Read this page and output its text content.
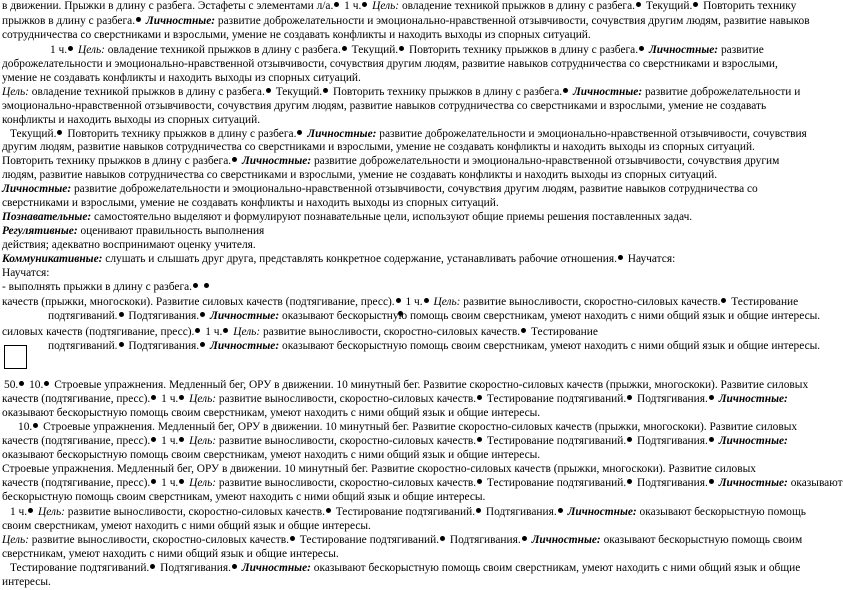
в движении. Прыжки в длину с разбега. Эстафеты с элементами л/а. 1 ч. Цель: овладение техникой прыжков в длину с разбега. Текущий. Повторить технику
прыжков в длину с разбега. Личностные: развитие доброжелательности и эмоционально-нравственной отзывчивости, сочувствия другим людям, развитие навыков
сотрудничества со сверстниками и взрослыми, умение не создавать конфликты и находить выходы из спорных ситуаций.
1 ч. Цель: овладение техникой прыжков в длину с разбега. Текущий. Повторить технику прыжков в длину с разбега. Личностные: развитие
доброжелательности и эмоционально-нравственной отзывчивости, сочувствия другим людям, развитие навыков сотрудничества со сверстниками и взрослыми,
умение не создавать конфликты и находить выходы из спорных ситуаций.
Цель: овладение техникой прыжков в длину с разбега. Текущий. Повторить технику прыжков в длину с разбега. Личностные: развитие доброжелательности и
эмоционально-нравственной отзывчивости, сочувствия другим людям, развитие навыков сотрудничества со сверстниками и взрослыми, умение не создавать
конфликты и находить выходы из спорных ситуаций.
Текущий. Повторить технику прыжков в длину с разбега. Личностные: развитие доброжелательности и эмоционально-нравственной отзывчивости, сочувствия
другим людям, развитие навыков сотрудничества со сверстниками и взрослыми, умение не создавать конфликты и находить выходы из спорных ситуаций.
Повторить технику прыжков в длину с разбега. Личностные: развитие доброжелательности и эмоционально-нравственной отзывчивости, сочувствия другим
людям, развитие навыков сотрудничества со сверстниками и взрослыми, умение не создавать конфликты и находить выходы из спорных ситуаций.
Личностные: развитие доброжелательности и эмоционально-нравственной отзывчивости, сочувствия другим людям, развитие навыков сотрудничества со
сверстниками и взрослыми, умение не создавать конфликты и находить выходы из спорных ситуаций.
Познавательные: самостоятельно выделяют и формулируют познавательные цели, используют общие приемы решения поставленных задач.
Регулятивные: оценивают правильность выполнения
действия; адекватно воспринимают оценку учителя.
Коммуникативные: слушать и слышать друг друга, представлять конкретное содержание, устанавливать рабочие отношения. Научатся:
Научатся:
- выполнять прыжки в длину с разбега.
качеств (прыжки, многоскоки). Развитие силовых качеств (подтягивание, пресс). 1 ч. Цель: развитие выносливости, скоростно-силовых качеств. Тестирование
подтягиваний. Подтягивания. Личностные: оказывают бескорыстную помощь своим сверстникам, умеют находить с ними общий язык и общие интересы.
силовых качеств (подтягивание, пресс). 1 ч. Цель: развитие выносливости, скоростно-силовых качеств. Тестирование
подтягиваний. Подтягивания. Личностные: оказывают бескорыстную помощь своим сверстникам, умеют находить с ними общий язык и общие интересы.
50. 10. Строевые упражнения. Медленный бег, ОРУ в движении. 10 минутный бег. Развитие скоростно-силовых качеств (прыжки, многоскоки). Развитие силовых
качеств (подтягивание, пресс). 1 ч. Цель: развитие выносливости, скоростно-силовых качеств. Тестирование подтягиваний. Подтягивания. Личностные:
оказывают бескорыстную помощь своим сверстникам, умеют находить с ними общий язык и общие интересы.
10. Строевые упражнения. Медленный бег, ОРУ в движении. 10 минутный бег. Развитие скоростно-силовых качеств (прыжки, многоскоки). Развитие силовых
качеств (подтягивание, пресс). 1 ч. Цель: развитие выносливости, скоростно-силовых качеств. Тестирование подтягиваний. Подтягивания. Личностные:
оказывают бескорыстную помощь своим сверстникам, умеют находить с ними общий язык и общие интересы.
Строевые упражнения. Медленный бег, ОРУ в движении. 10 минутный бег. Развитие скоростно-силовых качеств (прыжки, многоскоки). Развитие силовых
качеств (подтягивание, пресс). 1 ч. Цель: развитие выносливости, скоростно-силовых качеств. Тестирование подтягиваний. Подтягивания. Личностные: оказывают
бескорыстную помощь своим сверстникам, умеют находить с ними общий язык и общие интересы.
1 ч. Цель: развитие выносливости, скоростно-силовых качеств. Тестирование подтягиваний. Подтягивания. Личностные: оказывают бескорыстную помощь
своим сверстникам, умеют находить с ними общий язык и общие интересы.
Цель: развитие выносливости, скоростно-силовых качеств. Тестирование подтягиваний. Подтягивания. Личностные: оказывают бескорыстную помощь своим
сверстникам, умеют находить с ними общий язык и общие интересы.
Тестирование подтягиваний. Подтягивания. Личностные: оказывают бескорыстную помощь своим сверстникам, умеют находить с ними общий язык и общие
интересы.
